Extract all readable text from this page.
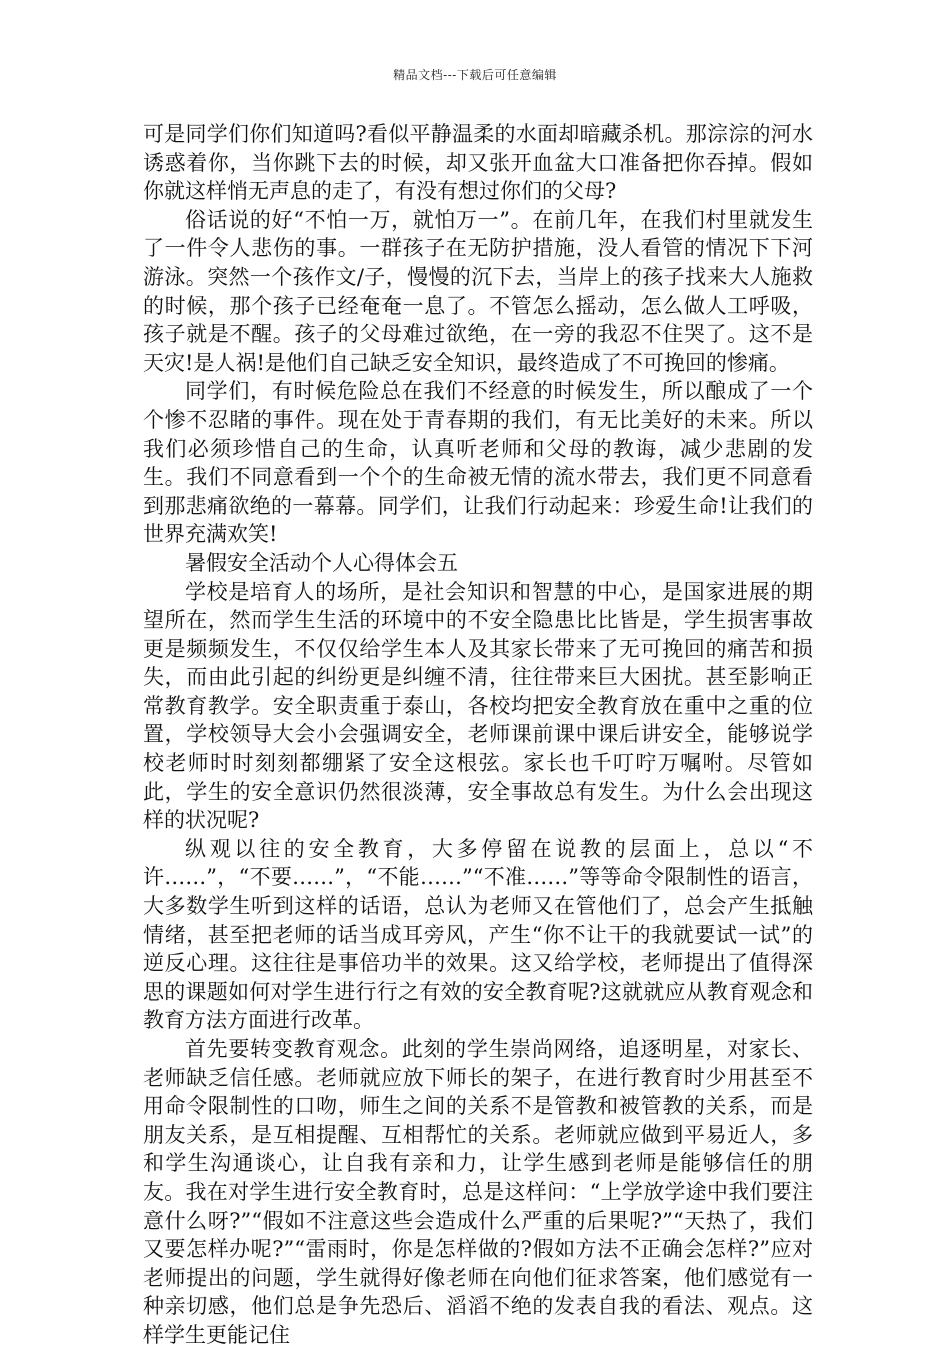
精品文档---下载后可任意编辑

可是同学们你们知道吗?看似平静温柔的水面却暗藏杀机。那淙淙的河水诱惑着你，当你跳下去的时候，却又张开血盆大口准备把你吞掉。假如你就这样悄无声息的走了，有没有想过你们的父母?

俗话说的好“不怕一万，就怕万一”。在前几年，在我们村里就发生了一件令人悲伤的事。一群孩子在无防护措施，没人看管的情况下下河游泳。突然一个孩作文/子，慢慢的沉下去，当岸上的孩子找来大人施救的时候，那个孩子已经奄奄一息了。不管怎么摇动，怎么做人工呼吸，孩子就是不醒。孩子的父母难过欲绝，在一旁的我忍不住哭了。这不是天灾!是人祸!是他们自己缺乏安全知识，最终造成了不可挽回的惨痛。

同学们，有时候危险总在我们不经意的时候发生，所以酿成了一个个惨不忍睹的事件。现在处于青春期的我们，有无比美好的未来。所以我们必须珍惜自己的生命，认真听老师和父母的教诲，减少悲剧的发生。我们不同意看到一个个的生命被无情的流水带去，我们更不同意看到那悲痛欲绝的一幕幕。同学们，让我们行动起来：珍爱生命!让我们的世界充满欢笑!

暑假安全活动个人心得体会五

学校是培育人的场所，是社会知识和智慧的中心，是国家进展的期望所在，然而学生生活的环境中的不安全隐患比比皆是，学生损害事故更是频频发生，不仅仅给学生本人及其家长带来了无可挽回的痛苦和损失，而由此引起的纠纷更是纠缠不清，往往带来巨大困扰。甚至影响正常教育教学。安全职责重于泰山，各校均把安全教育放在重中之重的位置，学校领导大会小会强调安全，老师课前课中课后讲安全，能够说学校老师时时刻刻都绷紧了安全这根弦。家长也千叮咛万嘱咐。尽管如此，学生的安全意识仍然很淡薄，安全事故总有发生。为什么会出现这样的状况呢?

纵观以往的安全教育，大多停留在说教的层面上，总以“不许……”，“不要……”，“不能……”“不准……”等等命令限制性的语言，大多数学生听到这样的话语，总认为老师又在管他们了，总会产生抵触情绪，甚至把老师的话当成耳旁风，产生“你不让干的我就要试一试”的逆反心理。这往往是事倍功半的效果。这又给学校，老师提出了值得深思的课题如何对学生进行行之有效的安全教育呢?这就就应从教育观念和教育方法方面进行改革。

首先要转变教育观念。此刻的学生崇尚网络，追逐明星，对家长、老师缺乏信任感。老师就应放下师长的架子，在进行教育时少用甚至不用命令限制性的口吻，师生之间的关系不是管教和被管教的关系，而是朋友关系，是互相提醒、互相帮忙的关系。老师就应做到平易近人，多和学生沟通谈心，让自我有亲和力，让学生感到老师是能够信任的朋友。我在对学生进行安全教育时，总是这样问：“上学放学途中我们要注意什么呀?”“假如不注意这些会造成什么严重的后果呢?”“天热了，我们又要怎样办呢?”“雷雨时，你是怎样做的?假如方法不正确会怎样?”应对老师提出的问题，学生就得好像老师在向他们征求答案，他们感觉有一种亲切感，他们总是争先恐后、滔滔不绝的发表自我的看法、观点。这样学生更能记住
